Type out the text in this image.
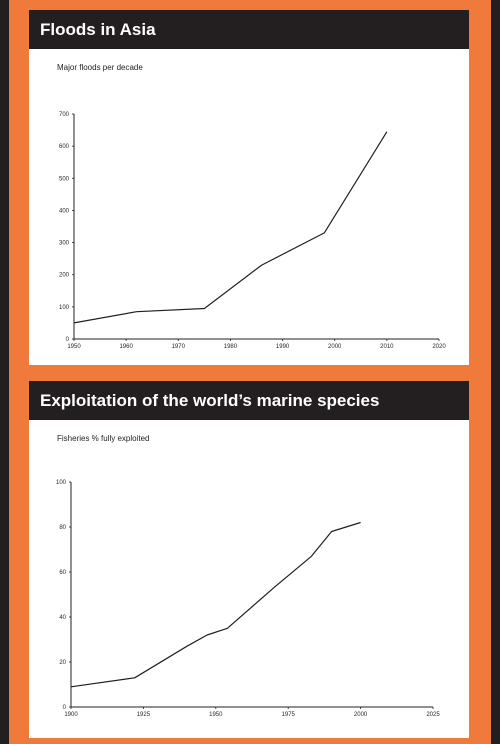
Floods in Asia
Major floods per decade
0
100
200
300
400
500
600
700
1950	1960	1970	1980	1990	2000	2010	2020
Exploitation of the world’s marine species
Fisheries % fully exploited
0
20
40
60
80
100
1900	1925	1950	1975	2000	2025
